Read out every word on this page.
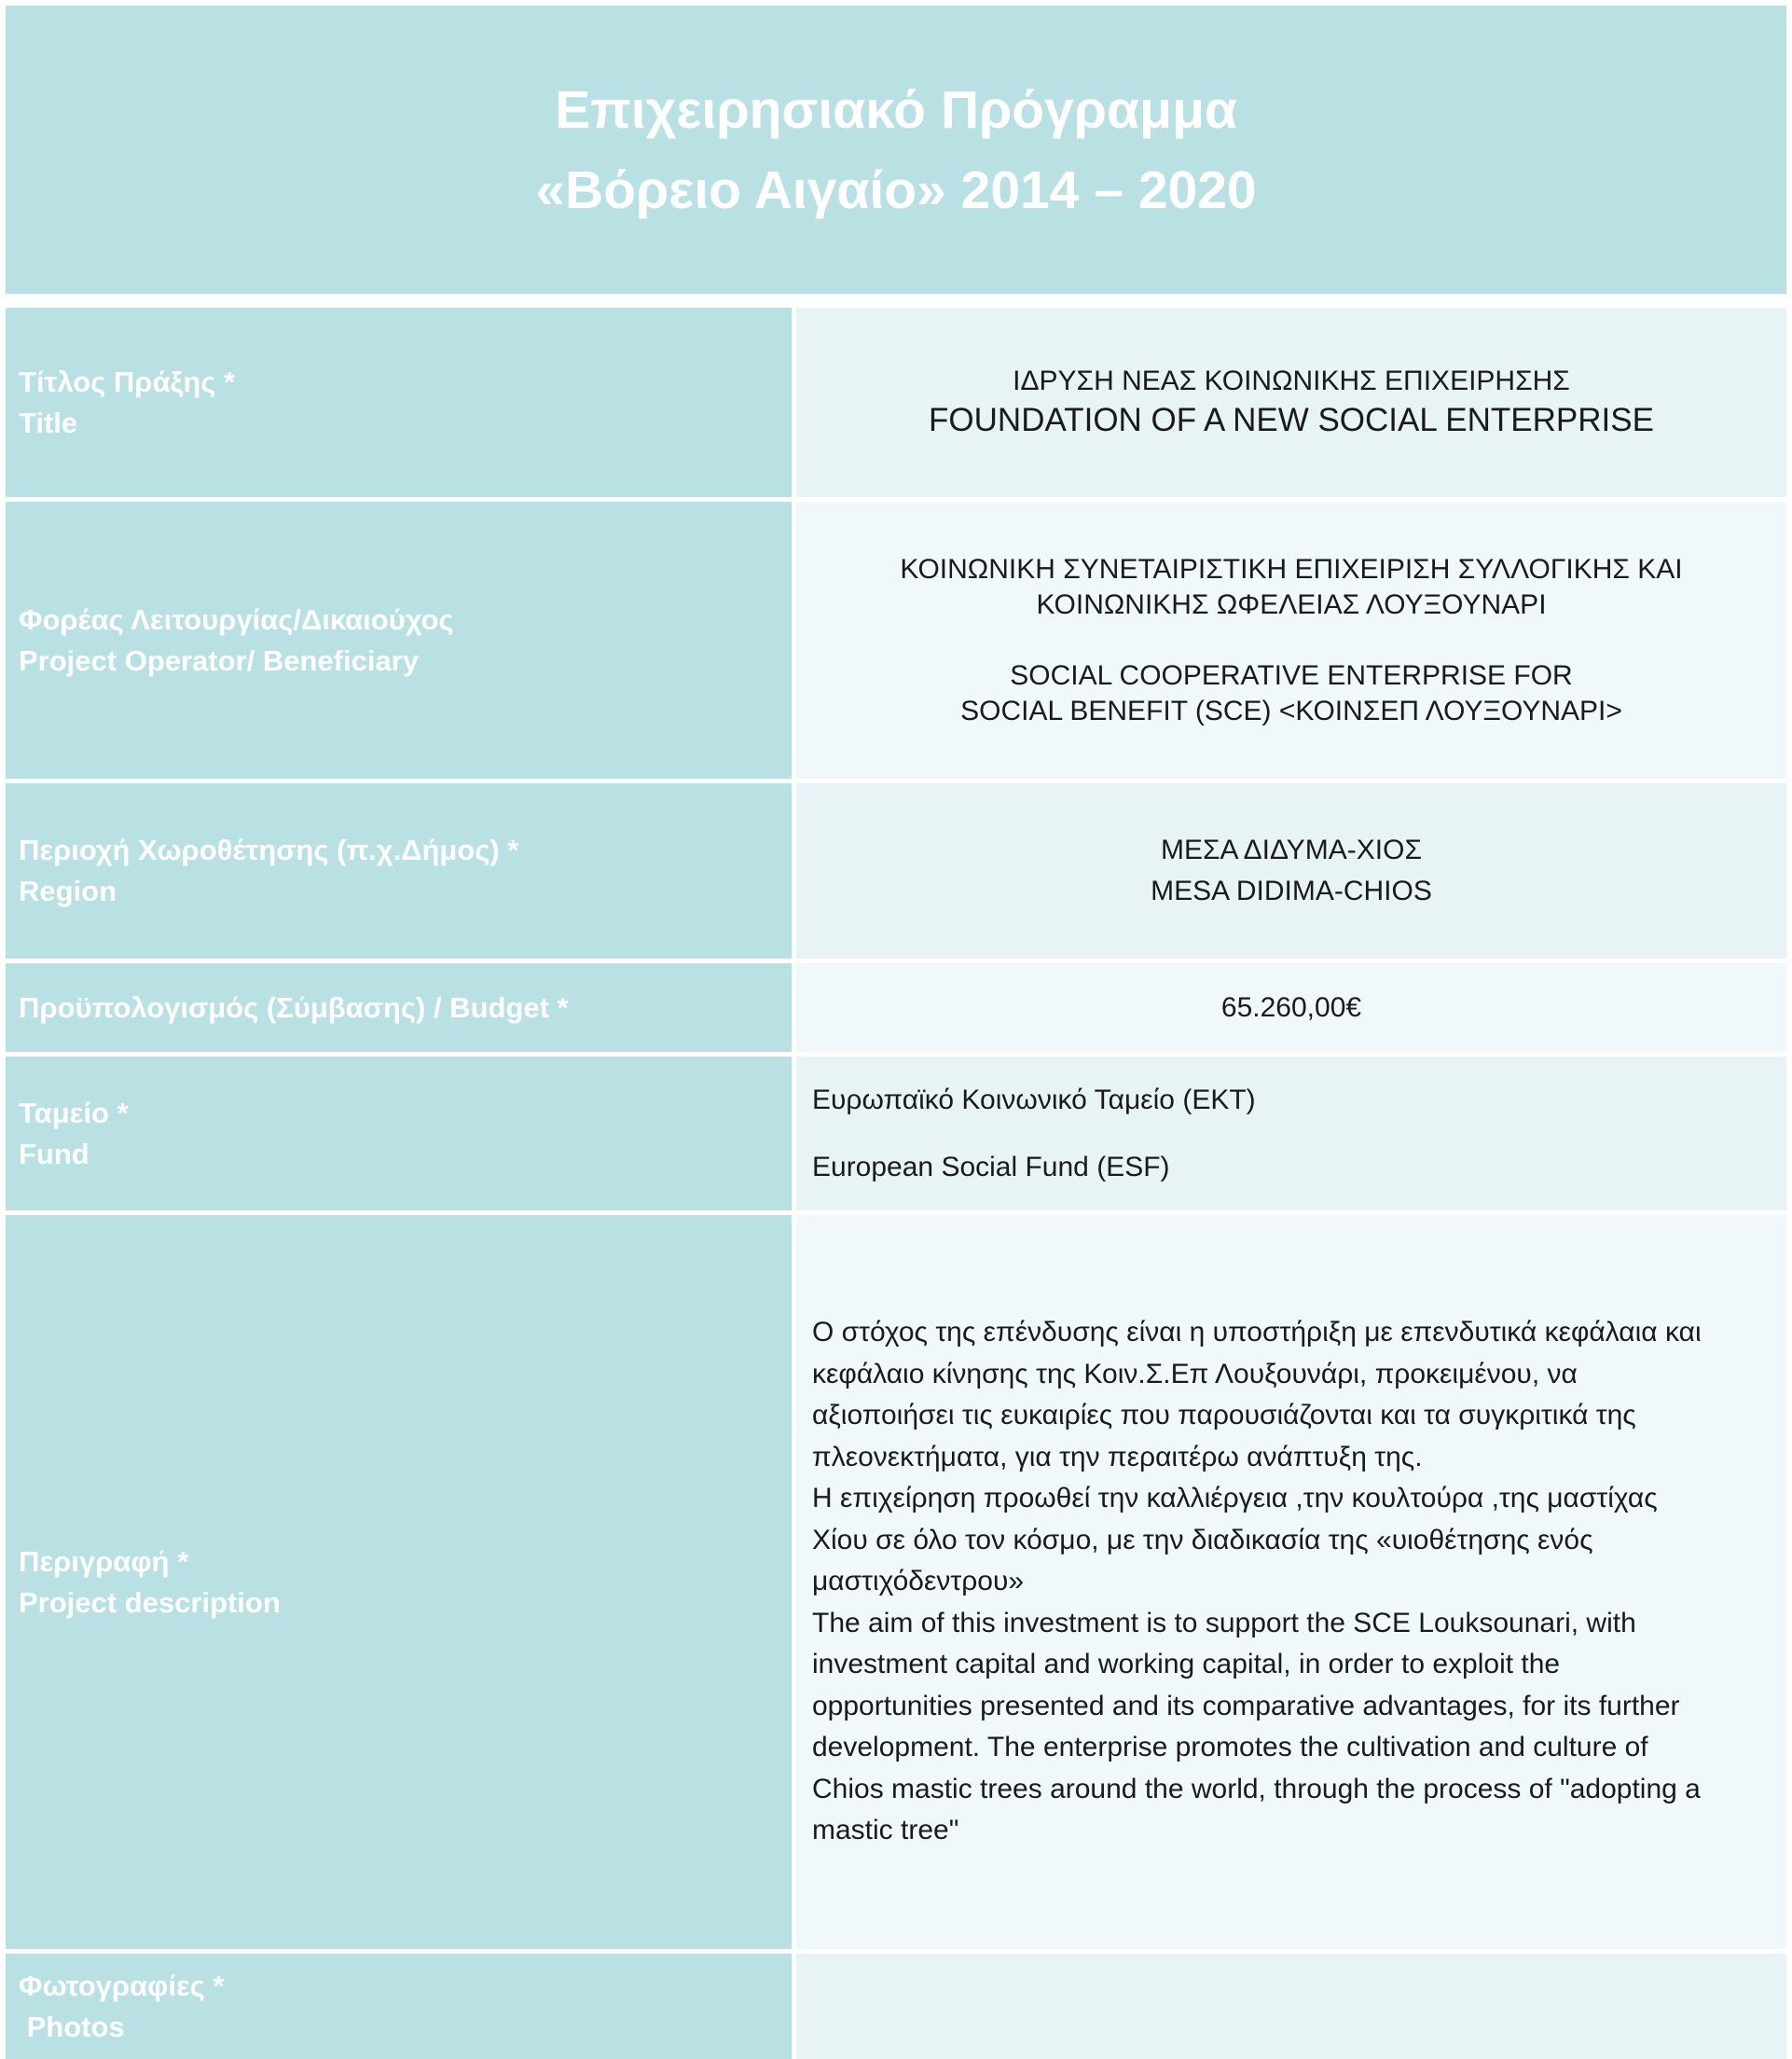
Επιχειρησιακό Πρόγραμμα
«Βόρειο Αιγαίο» 2014 – 2020
Τίτλος Πράξης *
Title
ΙΔΡΥΣΗ ΝΕΑΣ ΚΟΙΝΩΝΙΚΗΣ ΕΠΙΧΕΙΡΗΣΗΣ
FOUNDATION OF A NEW SOCIAL ENTERPRISE
Φορέας Λειτουργίας/Δικαιούχος
Project Operator/ Beneficiary
ΚΟΙΝΩΝΙΚΗ ΣΥΝΕΤΑΙΡΙΣΤΙΚΗ ΕΠΙΧΕΙΡΙΣΗ ΣΥΛΛΟΓΙΚΗΣ ΚΑΙ
ΚΟΙΝΩΝΙΚΗΣ ΩΦΕΛΕΙΑΣ ΛΟΥΞΟΥΝΑΡΙ
SOCIAL COOPERATIVE ENTERPRISE FOR
SOCIAL BENEFIT (SCE) <ΚΟΙΝΣΕΠ ΛΟΥΞΟΥΝΑΡΙ>
Περιοχή Χωροθέτησης (π.χ.Δήμος) *
Region
ΜΕΣΑ ΔΙΔΥΜΑ-ΧΙΟΣ
MESA DIDIMA-CHIOS
Προϋπολογισμός (Σύμβασης) / Budget *	65.260,00€
Ταμείο *
Fund
Ευρωπαϊκό Κοινωνικό Ταμείο (ΕΚΤ)
European Social Fund (ESF)
Περιγραφή *
Project description
Ο στόχος της επένδυσης είναι η υποστήριξη με επενδυτικά κεφάλαια και
κεφάλαιο κίνησης της Κοιν.Σ.Επ Λουξουνάρι, προκειμένου, να
αξιοποιήσει τις ευκαιρίες που παρουσιάζονται και τα συγκριτικά της
πλεονεκτήματα, για την περαιτέρω ανάπτυξη της.
Η επιχείρηση προωθεί την καλλιέργεια ,την κουλτούρα ,της μαστίχας
Χίου σε όλο τον κόσμο, με την διαδικασία της «υιοθέτησης ενός
μαστιχόδεντρου»
The aim of this investment is to support the SCE Louksounari, with
investment capital and working capital, in order to exploit the
opportunities presented and its comparative advantages, for its further
development. The enterprise promotes the cultivation and culture of
Chios mastic trees around the world, through the process of "adopting a
mastic tree"
Φωτογραφίες *
Photos
